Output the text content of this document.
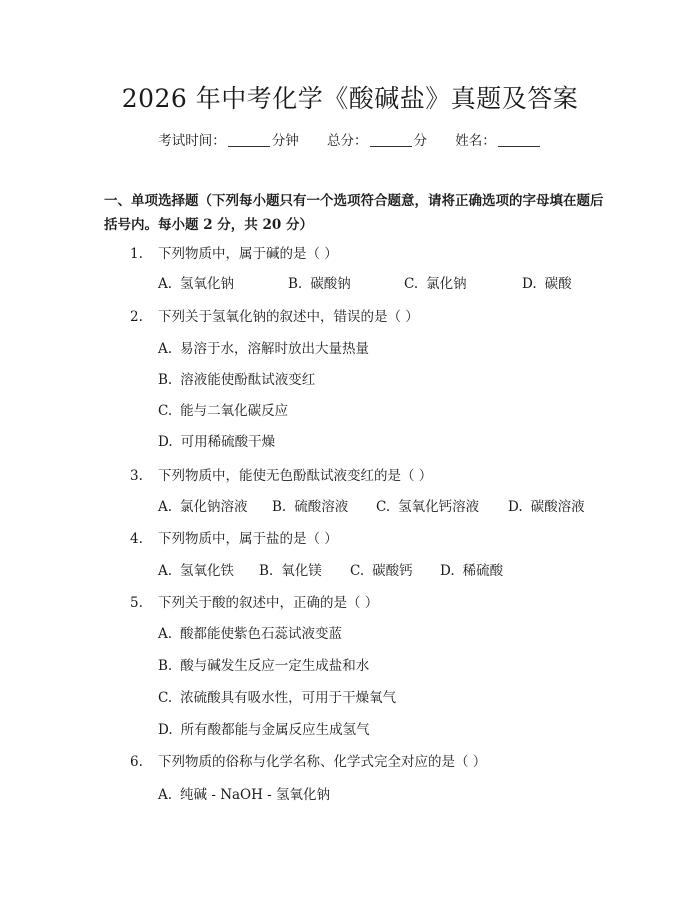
2026 年中考化学《酸碱盐》真题及答案
考试时间：	分钟 总分：	分 姓名：
一、单项选择题（下列每小题只有一个选项符合题意，请将正确选项的字母填在题后括号内。每小题 2 分，共 20 分）
1. 下列物质中，属于碱的是（ ）
A. 氢氧化钠	B. 碳酸钠	C. 氯化钠	D. 碳酸
2. 下列关于氢氧化钠的叙述中，错误的是（ ）
A. 易溶于水，溶解时放出大量热量
B. 溶液能使酚酞试液变红
C. 能与二氧化碳反应
D. 可用稀硫酸干燥
3. 下列物质中，能使无色酚酞试液变红的是（ ）
A. 氯化钠溶液 B. 硫酸溶液 C. 氢氧化钙溶液 D. 碳酸溶液
4. 下列物质中，属于盐的是（ ）
A. 氢氧化铁 B. 氧化镁 C. 碳酸钙 D. 稀硫酸
5. 下列关于酸的叙述中，正确的是（ ）
A. 酸都能使紫色石蕊试液变蓝
B. 酸与碱发生反应一定生成盐和水
C. 浓硫酸具有吸水性，可用于干燥氧气
D. 所有酸都能与金属反应生成氢气
6. 下列物质的俗称与化学名称、化学式完全对应的是（ ）
A. 纯碱 - NaOH - 氢氧化钠
